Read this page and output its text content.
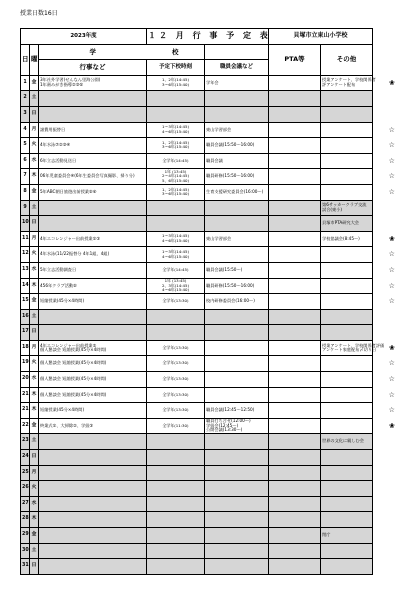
授業日数16日
2023年度			１２ 月 行 事 予 定 表		貝塚市立東山小学校		
日	曜	学	校		PTA等	その他	
		行事など	予定下校時刻	職員会議など			
1	金	3年社外学習(せんなん里海公園)
1年歯みがき指導②③⑤	1、2年(14:45)
3～6年(15:40)	学年会		授業アンケート、学校関係者
評アンケート配布	❀
2	土						
3	日						
4	月	諸費用振替日	1～3年(14:45)
4～6年(15:40)	東山学習部会			☆
5	火	4年水泳⑦②③④	1、2年(14:45)
3～6年(15:40)	職員会議(15:50～16:00)			☆
6	水	6年立志活動見送日	全学年(14:45)	職員会議			☆
7	木	06年児童委員会④(6年生委員会写真撮影、掃り分)	1年 (13:45)
2～4年(14:45)
5、6年(15:40)	職員研修(15:50～16:00)			☆
8	金	5年ABC朝日旅遊出前授業⑤⑥	1、2年(14:45)
3～6年(15:40)	生育支援研究委員会(16:00～)			☆
9	土					第6サッカークラブ交流
試合(東小)	

10	日					貝塚市PTA研究大会	

11	月	4年エコレンジャー出前授業①③	1～3年(14:45)
4～6年(15:40)	東山学習部会		学校協議会(8:45～)	❀
12	火	4年水泳(11/22振替分 4年1組、4組)	1～3年(14:45)
4～6年(15:40)				☆
13	水	5年立志活動調査日	全学年(14:45)	職員会議(15:50～)			☆
14	木	456年クラブ活動⑤	1年 (13:45)
2、3年(14:45)
4～6年(15:40)	職員研修(15:50～16:00)			☆
15	金	短縮授業(45分×4時間)	全学年(13:30)	校内研修委員会(16:00～)			☆
16	土						
17	日						
18	月	4年エコレンジャー出前授業②
個人懇談会 短縮授業(45分×4時間)	全学年(13:30)			授業アンケート、学校関係者評価
アンケート家庭配布〆切り日	❀
19	火	個人懇談会 短縮授業(45分×4時間)	全学年(13:30)				☆
20	水	個人懇談会 短縮授業(45分×4時間)	全学年(13:30)				☆
21	木	個人懇談会 短縮授業(45分×4時間)	全学年(13:30)				☆
21	木	短縮授業(45分×4時間)	全学年(13:30)	職員会議(12:45～12:50)			☆
22	金	終業式①、大掃除②、学級③	全学年(11:30)	職員打ち合せ(12:00～)
学級会(12:45～)
公開会議(13:30～)			❀
23	土					世界の文化に親しむ会	

24	日						
25	月						
26	火						
27	水						
28	木						
29	金					閉庁	

30	土						
31	日						
